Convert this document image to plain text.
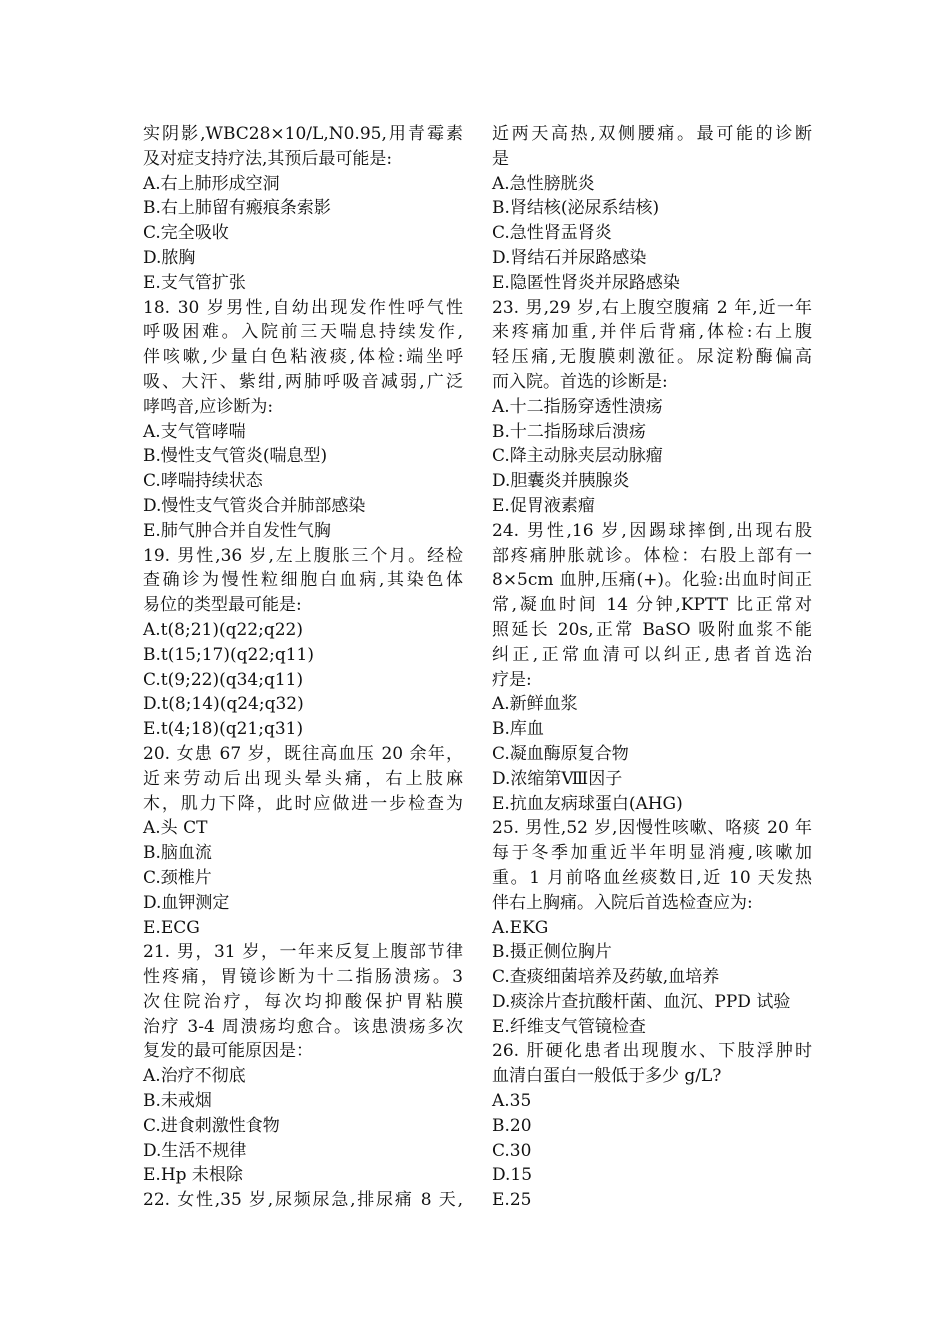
实阴影,WBC28×10/L,N0.95,用青霉素
及对症支持疗法,其预后最可能是:
A.右上肺形成空洞
B.右上肺留有瘢痕条索影
C.完全吸收
D.脓胸
E.支气管扩张
18. 30 岁男性,自幼出现发作性呼气性
呼吸困难。入院前三天喘息持续发作,
伴咳嗽,少量白色粘液痰,体检:端坐呼
吸、大汗、紫绀,两肺呼吸音减弱,广泛
哮鸣音,应诊断为:
A.支气管哮喘
B.慢性支气管炎(喘息型)
C.哮喘持续状态
D.慢性支气管炎合并肺部感染
E.肺气肿合并自发性气胸
19. 男性,36 岁,左上腹胀三个月。经检
查确诊为慢性粒细胞白血病,其染色体
易位的类型最可能是:
A.t(8;21)(q22;q22)
B.t(15;17)(q22;q11)
C.t(9;22)(q34;q11)
D.t(8;14)(q24;q32)
E.t(4;18)(q21;q31)
20. 女患 67 岁，既往高血压 20 余年，
近来劳动后出现头晕头痛，右上肢麻
木，肌力下降，此时应做进一步检查为
A.头 CT
B.脑血流
C.颈椎片
D.血钾测定
E.ECG
21. 男，31 岁，一年来反复上腹部节律
性疼痛，胃镜诊断为十二指肠溃疡。3
次住院治疗，每次均抑酸保护胃粘膜
治疗 3-4 周溃疡均愈合。该患溃疡多次
复发的最可能原因是：
A.治疗不彻底
B.未戒烟
C.进食刺激性食物
D.生活不规律
E.Hp 未根除
22. 女性,35 岁,尿频尿急,排尿痛 8 天,
近两天高热,双侧腰痛。最可能的诊断
是
A.急性膀胱炎
B.肾结核(泌尿系结核)
C.急性肾盂肾炎
D.肾结石并尿路感染
E.隐匿性肾炎并尿路感染
23. 男,29 岁,右上腹空腹痛 2 年,近一年
来疼痛加重,并伴后背痛,体检:右上腹
轻压痛,无腹膜刺激征。尿淀粉酶偏高
而入院。首选的诊断是:
A.十二指肠穿透性溃疡
B.十二指肠球后溃疡
C.降主动脉夹层动脉瘤
D.胆囊炎并胰腺炎
E.促胃液素瘤
24. 男性,16 岁,因踢球摔倒,出现右股
部疼痛肿胀就诊。体检：右股上部有一
8×5cm 血肿,压痛(+)。化验:出血时间正
常,凝血时间 14 分钟,KPTT 比正常对
照延长 20s,正常 BaSO 吸附血浆不能
纠正,正常血清可以纠正,患者首选治
疗是:
A.新鲜血浆
B.库血
C.凝血酶原复合物
D.浓缩第Ⅷ因子
E.抗血友病球蛋白(AHG)
25. 男性,52 岁,因慢性咳嗽、咯痰 20 年
每于冬季加重近半年明显消瘦,咳嗽加
重。1 月前咯血丝痰数日,近 10 天发热
伴右上胸痛。入院后首选检查应为:
A.EKG
B.摄正侧位胸片
C.查痰细菌培养及药敏,血培养
D.痰涂片查抗酸杆菌、血沉、PPD 试验
E.纤维支气管镜检查
26. 肝硬化患者出现腹水、下肢浮肿时
血清白蛋白一般低于多少 g/L?
A.35
B.20
C.30
D.15
E.25
